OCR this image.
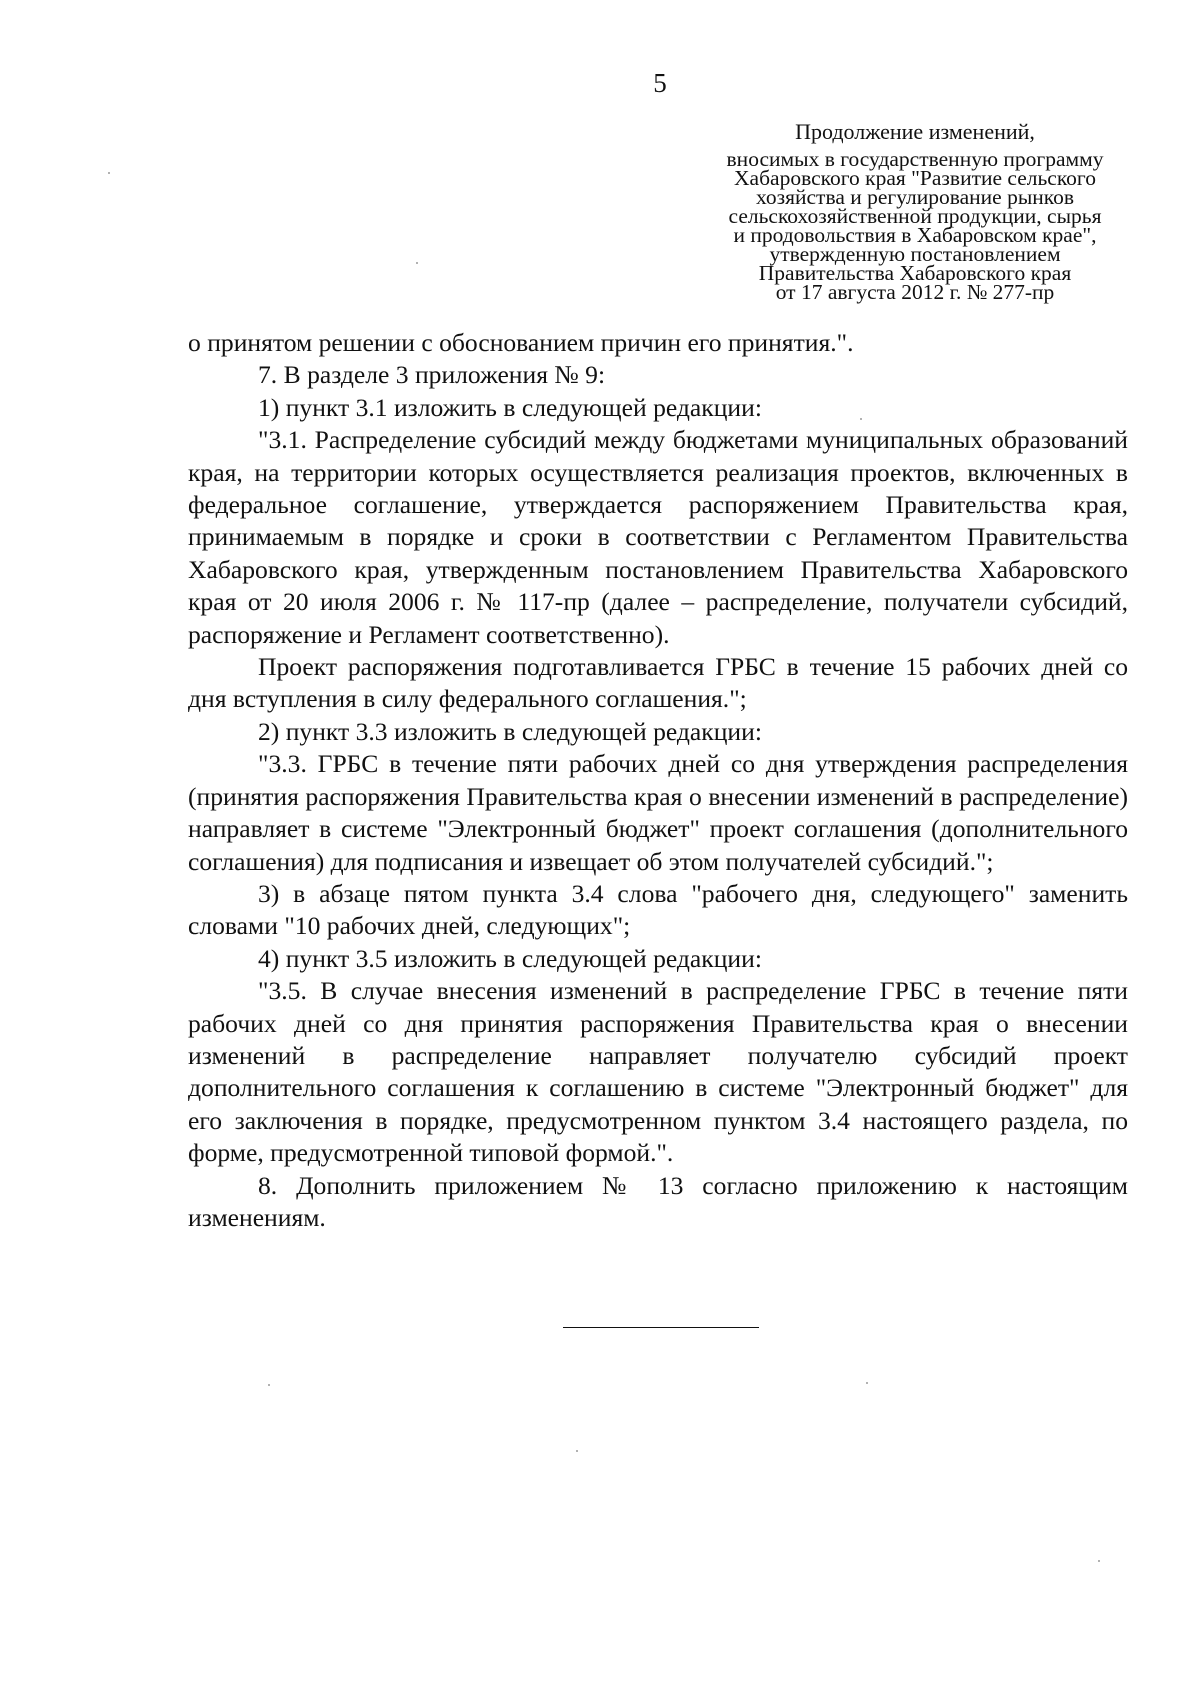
5
Продолжение изменений,
вносимых в государственную программу
Хабаровского края "Развитие сельского
хозяйства и регулирование рынков
сельскохозяйственной продукции, сырья
и продовольствия в Хабаровском крае",
утвержденную постановлением
Правительства Хабаровского края
от 17 августа 2012 г. № 277-пр

о принятом решении с обоснованием причин его принятия.".

7. В разделе 3 приложения № 9:

1) пункт 3.1 изложить в следующей редакции:

"3.1. Распределение субсидий между бюджетами муниципальных образований края, на территории которых осуществляется реализация проектов, включенных в федеральное соглашение, утверждается распоряжением Правительства края, принимаемым в порядке и сроки в соответствии с Регламентом Правительства Хабаровского края, утвержденным постановлением Правительства Хабаровского края от 20 июля 2006 г. № 117-пр (далее – распределение, получатели субсидий, распоряжение и Регламент соответственно).

Проект распоряжения подготавливается ГРБС в течение 15 рабочих дней со дня вступления в силу федерального соглашения.";

2) пункт 3.3 изложить в следующей редакции:

"3.3. ГРБС в течение пяти рабочих дней со дня утверждения распределения (принятия распоряжения Правительства края о внесении изменений в распределение) направляет в системе "Электронный бюджет" проект соглашения (дополнительного соглашения) для подписания и извещает об этом получателей субсидий.";

3) в абзаце пятом пункта 3.4 слова "рабочего дня, следующего" заменить словами "10 рабочих дней, следующих";

4) пункт 3.5 изложить в следующей редакции:

"3.5. В случае внесения изменений в распределение ГРБС в течение пяти рабочих дней со дня принятия распоряжения Правительства края о внесении изменений в распределение направляет получателю субсидий проект дополнительного соглашения к соглашению в системе "Электронный бюджет" для его заключения в порядке, предусмотренном пунктом 3.4 настоящего раздела, по форме, предусмотренной типовой формой.".

8. Дополнить приложением № 13 согласно приложению к настоящим изменениям.
